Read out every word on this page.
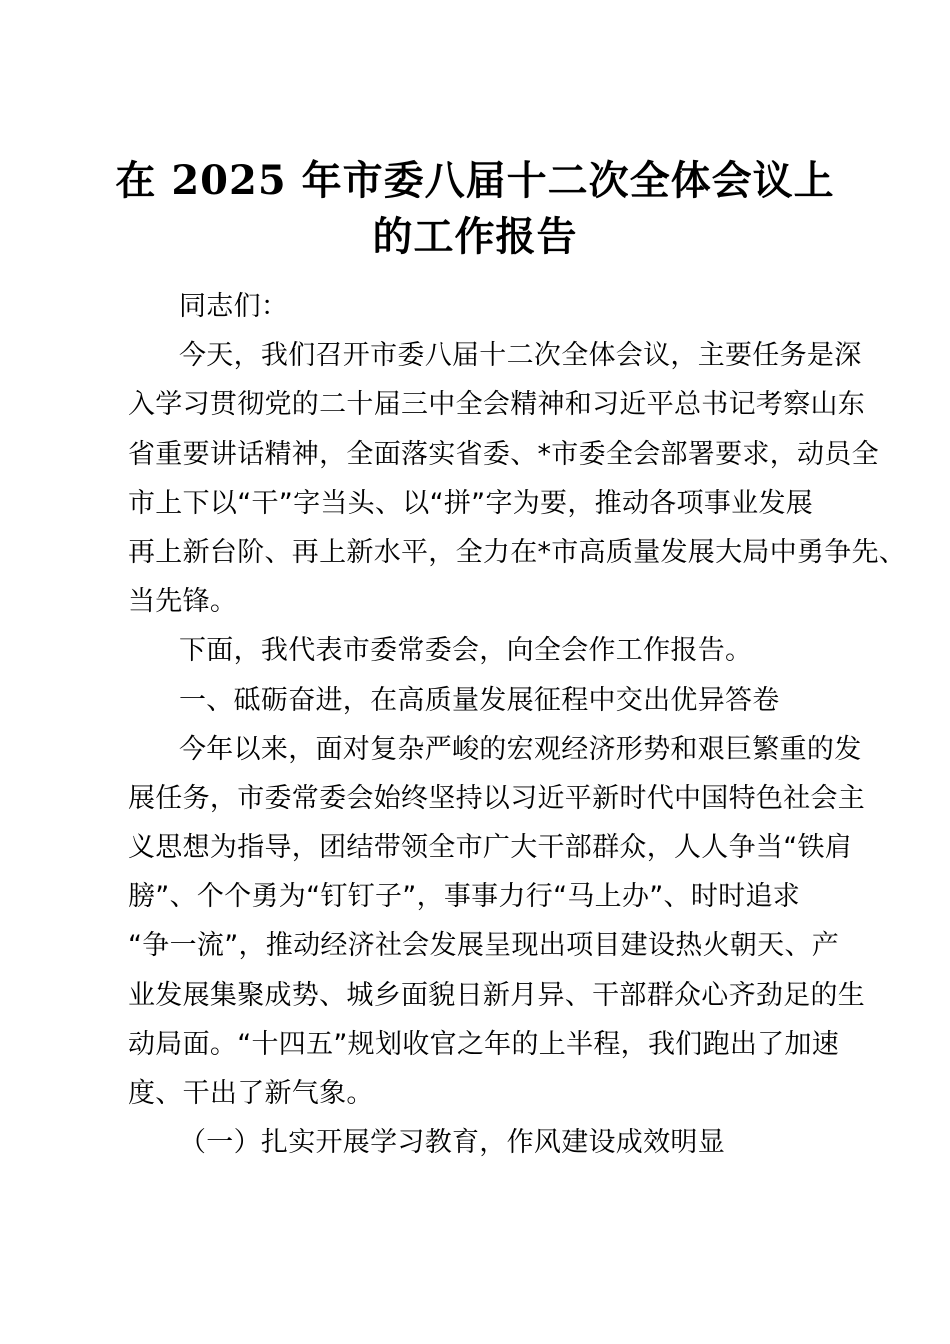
在 2025 年市委八届十二次全体会议上
的工作报告
同志们：
今天，我们召开市委八届十二次全体会议，主要任务是深
入学习贯彻党的二十届三中全会精神和习近平总书记考察山东
省重要讲话精神，全面落实省委、*市委全会部署要求，动员全
市上下以“干”字当头、以“拼”字为要，推动各项事业发展
再上新台阶、再上新水平，全力在*市高质量发展大局中勇争先、
当先锋。
下面，我代表市委常委会，向全会作工作报告。
一、砥砺奋进，在高质量发展征程中交出优异答卷
今年以来，面对复杂严峻的宏观经济形势和艰巨繁重的发
展任务，市委常委会始终坚持以习近平新时代中国特色社会主
义思想为指导，团结带领全市广大干部群众，人人争当“铁肩
膀”、个个勇为“钉钉子”，事事力行“马上办”、时时追求
“争一流”，推动经济社会发展呈现出项目建设热火朝天、产
业发展集聚成势、城乡面貌日新月异、干部群众心齐劲足的生
动局面。“十四五”规划收官之年的上半程，我们跑出了加速
度、干出了新气象。
（一）扎实开展学习教育，作风建设成效明显
